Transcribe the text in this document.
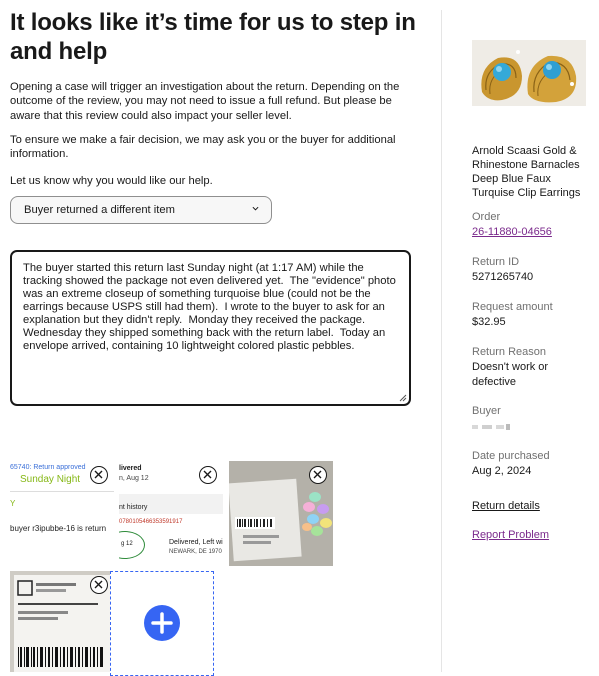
It looks like it’s time for us to step in and help

Opening a case will trigger an investigation about the return. Depending on the outcome of the review, you may not need to issue a full refund. But please be aware that this review could also impact your seller level.

To ensure we make a fair decision, we may ask you or the buyer for additional information.

Let us know why you would like our help.

Buyer returned a different item

The buyer started this return last Sunday night (at 1:17 AM) while the tracking showed the package not even delivered yet.  The "evidence" photo was an extreme closeup of something turquoise blue (could not be the earrings because USPS still had them).  I wrote to the buyer to ask for an explanation but they didn't reply.  Monday they received the package. Wednesday they shipped something back with the return label.  Today an envelope arrived, containing 10 lightweight colored plastic pebbles.

65740: Return approved
Sunday Night
Y
buyer r3ipubbe-16 is return
livered
n, Aug 12
nt history
0780105466353591917
g 12	Delivered, Left wi
NEWARK, DE 1970

Arnold Scaasi Gold & Rhinestone Barnacles Deep Blue Faux Turquise Clip Earrings

Order

26-11880-04656

Return ID

5271265740

Request amount

$32.95

Return Reason

Doesn't work or defective

Buyer

Date purchased

Aug 2, 2024

Return details

Report Problem
